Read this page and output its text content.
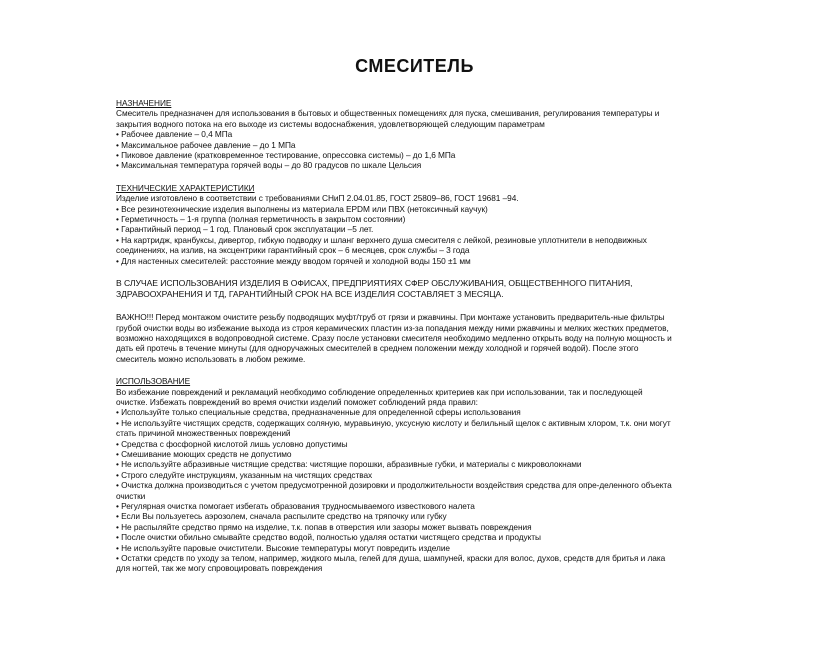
СМЕСИТЕЛЬ
НАЗНАЧЕНИЕ
Смеситель предназначен для использования в бытовых и общественных помещениях для пуска, смешивания, регулирования температуры и закрытия водного потока на его выходе из системы водоснабжения, удовлетворяющей следующим параметрам
• Рабочее давление – 0,4 МПа
• Максимальное рабочее давление – до 1 МПа
• Пиковое давление (кратковременное тестирование, опрессовка системы) – до 1,6 МПа
• Максимальная температура горячей воды – до 80 градусов по шкале Цельсия
ТЕХНИЧЕСКИЕ ХАРАКТЕРИСТИКИ
Изделие изготовлено в соответствии с требованиями СНиП 2.04.01.85, ГОСТ 25809–86, ГОСТ 19681 –94.
• Все резинотехнические изделия выполнены из материала EPDM или ПВХ (нетоксичный каучук)
• Герметичность – 1-я группа (полная герметичность в закрытом состоянии)
• Гарантийный период – 1 год. Плановый срок эксплуатации –5 лет.
• На картридж, кранбуксы, дивертор, гибкую подводку и шланг верхнего душа смесителя с лейкой, резиновые уплотнители в неподвижных соединениях, на излив, на эксцентрики гарантийный срок – 6 месяцев, срок службы – 3 года
• Для настенных смесителей: расстояние между вводом горячей и холодной воды 150 ±1 мм
В СЛУЧАЕ ИСПОЛЬЗОВАНИЯ ИЗДЕЛИЯ В ОФИСАХ, ПРЕДПРИЯТИЯХ СФЕР ОБСЛУЖИВАНИЯ, ОБЩЕСТВЕННОГО ПИТАНИЯ, ЗДРАВООХРАНЕНИЯ И ТД, ГАРАНТИЙНЫЙ СРОК НА ВСЕ ИЗДЕЛИЯ СОСТАВЛЯЕТ 3 МЕСЯЦА.
ВАЖНО!!! Перед монтажом очистите резьбу подводящих муфт/труб от грязи и ржавчины. При монтаже установить предваритель-ные фильтры грубой очистки воды во избежание выхода из строя керамических пластин из-за попадания между ними ржавчины и мелких жестких предметов, возможно находящихся в водопроводной системе. Сразу после установки смесителя необходимо медленно открыть воду на полную мощность и дать ей протечь в течение минуты (для одноручажных смесителей в среднем положении между холодной и горячей водой). После этого смеситель можно использовать в любом режиме.
ИСПОЛЬЗОВАНИЕ
Во избежание повреждений и рекламаций необходимо соблюдение определенных критериев как при использовании, так и последующей очистке. Избежать повреждений во время очистки изделий поможет соблюдений ряда правил:
• Используйте только специальные средства, предназначенные для определенной сферы использования
• Не используйте чистящих средств, содержащих соляную, муравьиную, уксусную кислоту и белильный щелок с активным хлором, т.к. они могут стать причиной множественных повреждений
• Средства с фосфорной кислотой лишь условно допустимы
• Смешивание моющих средств не допустимо
• Не используйте абразивные чистящие средства: чистящие порошки, абразивные губки, и материалы с микроволокнами
• Строго следуйте инструкциям, указанным на чистящих средствах
• Очистка должна производиться с учетом предусмотренной дозировки и продолжительности воздействия средства для опре-деленного объекта очистки
• Регулярная очистка помогает избегать образования трудносмываемого известкового налета
• Если Вы пользуетесь аэрозолем, сначала распылите средство на тряпочку или губку
• Не распыляйте средство прямо на изделие, т.к. попав в отверстия или зазоры может вызвать повреждения
• После очистки обильно смывайте средство водой, полностью удаляя остатки чистящего средства и продукты
• Не используйте паровые очистители. Высокие температуры могут повредить изделие
• Остатки средств по уходу за телом, например, жидкого мыла, гелей для душа, шампуней, краски для волос, духов, средств для бритья и лака для ногтей, так же могу спровоцировать повреждения
